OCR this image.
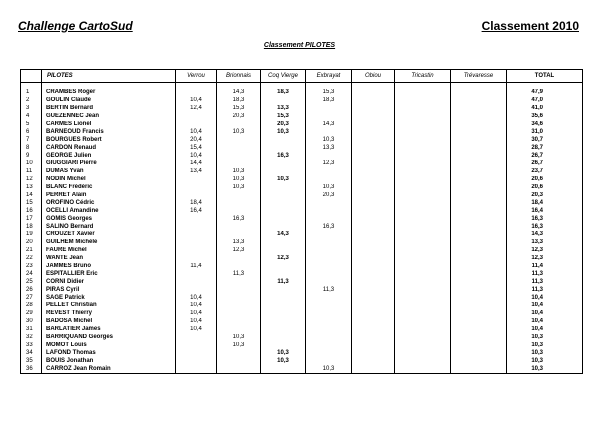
Challenge CartoSud	Classement 2010
Classement PILOTES
	PILOTES	Verrou	Brionnais	Coq Vierge	Exbrayat	Obiou	Tricastin	Trévaresse	TOTAL

1	CRAMBES Roger		14,3	18,3	15,3				47,9
2	GOULIN Claude	10,4	18,3		18,3				47,0
3	BERTIN Bernard	12,4	15,3	13,3					41,0
4	GUEZENNEC Jean		20,3	15,3					35,6
5	CARMES Lionel			20,3	14,3				34,6
6	BARNEOUD Francis	10,4	10,3	10,3					31,0
7	BOURGUES Robert	20,4			10,3				30,7
8	CARDON Renaud	15,4			13,3				28,7
9	GEORGE Julien	10,4		16,3					26,7
10	GIUGGIARI Pierre	14,4			12,3				26,7
11	DUMAS Yvan	13,4	10,3						23,7
12	NODIN Michel		10,3	10,3					20,6
13	BLANC Frédéric		10,3		10,3				20,6
14	PERRET Alain				20,3				20,3
15	OROFINO Cédric	18,4							18,4
16	OCELLI Amandine	16,4							16,4
17	GOMIS Georges		16,3						16,3
18	SALINO Bernard				16,3				16,3
19	CROUZET Xavier			14,3					14,3
20	GUILHEM Michèle		13,3						13,3
21	FAURE Michel		12,3						12,3
22	WANTE Jean			12,3					12,3
23	JAMMES Bruno	11,4							11,4
24	ESPITALLIER Eric		11,3						11,3
25	CORNI Didier			11,3					11,3
26	PIRAS Cyril				11,3				11,3
27	SAGE Patrick	10,4							10,4
28	PELLET Christian	10,4							10,4
29	REVEST Thierry	10,4							10,4
30	BADOSA Michel	10,4							10,4
31	BARLATIER James	10,4							10,4
32	BARRIQUAND Georges		10,3						10,3
33	MOMOT Louis		10,3						10,3
34	LAFOND Thomas			10,3					10,3
35	BOUIS Jonathan			10,3					10,3
36	CARROZ Jean Romain				10,3				10,3
